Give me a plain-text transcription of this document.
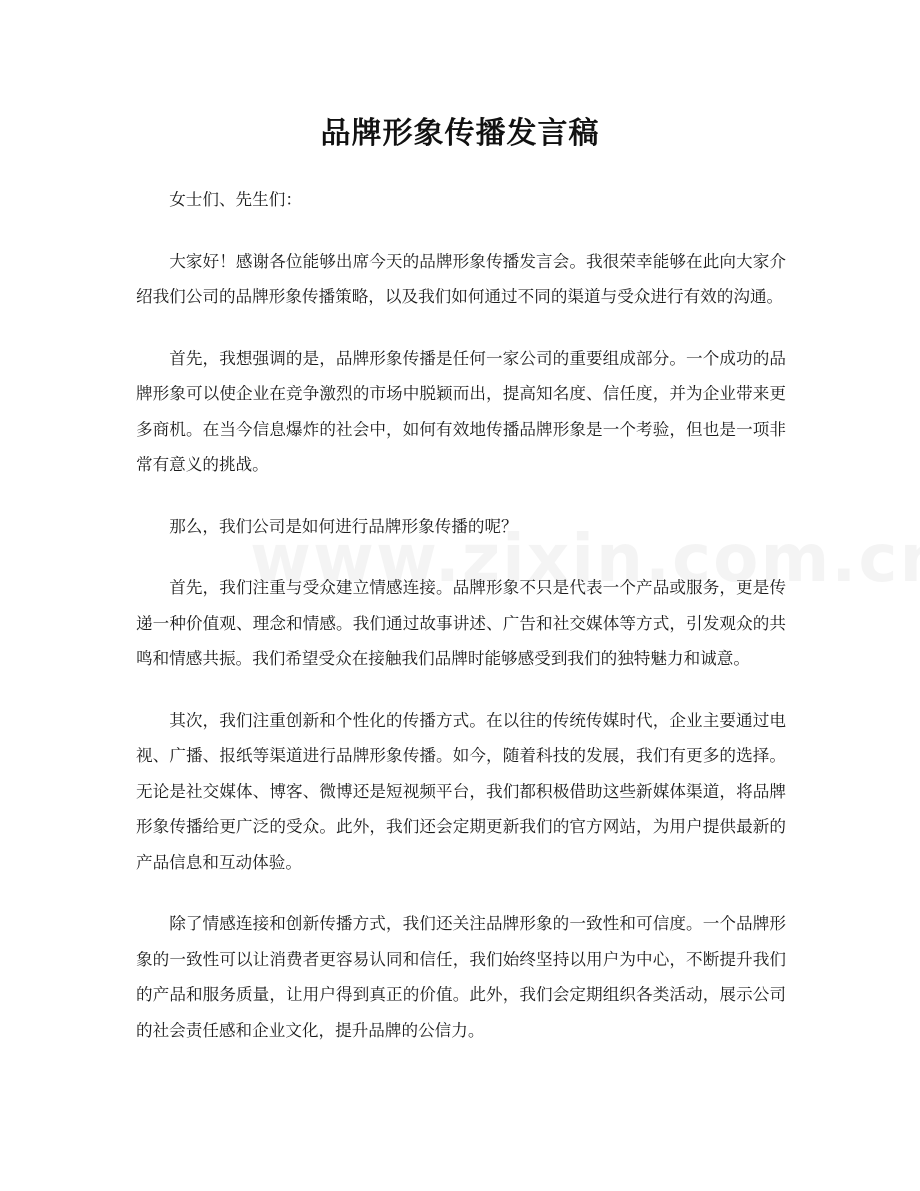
品牌形象传播发言稿

女士们、先生们：

大家好！感谢各位能够出席今天的品牌形象传播发言会。我很荣幸能够在此向大家介绍我们公司的品牌形象传播策略，以及我们如何通过不同的渠道与受众进行有效的沟通。

首先，我想强调的是，品牌形象传播是任何一家公司的重要组成部分。一个成功的品牌形象可以使企业在竞争激烈的市场中脱颖而出，提高知名度、信任度，并为企业带来更多商机。在当今信息爆炸的社会中，如何有效地传播品牌形象是一个考验，但也是一项非常有意义的挑战。

那么，我们公司是如何进行品牌形象传播的呢？

首先，我们注重与受众建立情感连接。品牌形象不只是代表一个产品或服务，更是传递一种价值观、理念和情感。我们通过故事讲述、广告和社交媒体等方式，引发观众的共鸣和情感共振。我们希望受众在接触我们品牌时能够感受到我们的独特魅力和诚意。

其次，我们注重创新和个性化的传播方式。在以往的传统传媒时代，企业主要通过电视、广播、报纸等渠道进行品牌形象传播。如今，随着科技的发展，我们有更多的选择。无论是社交媒体、博客、微博还是短视频平台，我们都积极借助这些新媒体渠道，将品牌形象传播给更广泛的受众。此外，我们还会定期更新我们的官方网站，为用户提供最新的产品信息和互动体验。

除了情感连接和创新传播方式，我们还关注品牌形象的一致性和可信度。一个品牌形象的一致性可以让消费者更容易认同和信任，我们始终坚持以用户为中心，不断提升我们的产品和服务质量，让用户得到真正的价值。此外，我们会定期组织各类活动，展示公司的社会责任感和企业文化，提升品牌的公信力。
